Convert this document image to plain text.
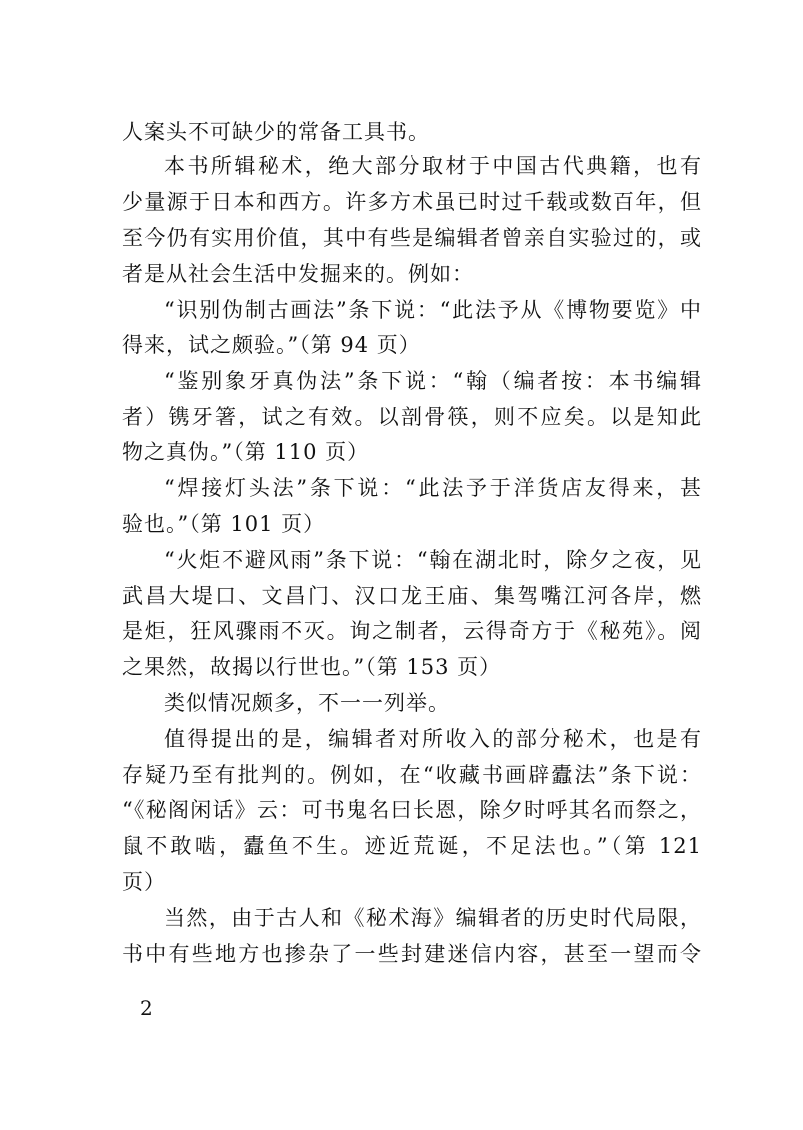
人案头不可缺少的常备工具书。
本书所辑秘术，绝大部分取材于中国古代典籍，也有
少量源于日本和西方。许多方术虽已时过千载或数百年，但
至今仍有实用价值，其中有些是编辑者曾亲自实验过的，或
者是从社会生活中发掘来的。例如：
“识别伪制古画法”条下说：“此法予从《博物要览》中
得来，试之颇验。”（第 94 页）
“鉴别象牙真伪法”条下说：“翰（编者按：本书编辑
者）镌牙箸，试之有效。以剖骨筷，则不应矣。以是知此
物之真伪。”（第 110 页）
“焊接灯头法”条下说：“此法予于洋货店友得来，甚
验也。”（第 101 页）
“火炬不避风雨”条下说：“翰在湖北时，除夕之夜，见
武昌大堤口、文昌门、汉口龙王庙、集驾嘴江河各岸，燃
是炬，狂风骤雨不灭。询之制者，云得奇方于《秘苑》。阅
之果然，故揭以行世也。”（第 153 页）
类似情况颇多，不一一列举。
值得提出的是，编辑者对所收入的部分秘术，也是有
存疑乃至有批判的。例如，在“收藏书画辟蠹法”条下说：
“《秘阁闲话》云：可书鬼名曰长恩，除夕时呼其名而祭之，
鼠不敢啮，蠹鱼不生。迹近荒诞，不足法也。”（第 121
页）
当然，由于古人和《秘术海》编辑者的历史时代局限，
书中有些地方也掺杂了一些封建迷信内容，甚至一望而令
2
